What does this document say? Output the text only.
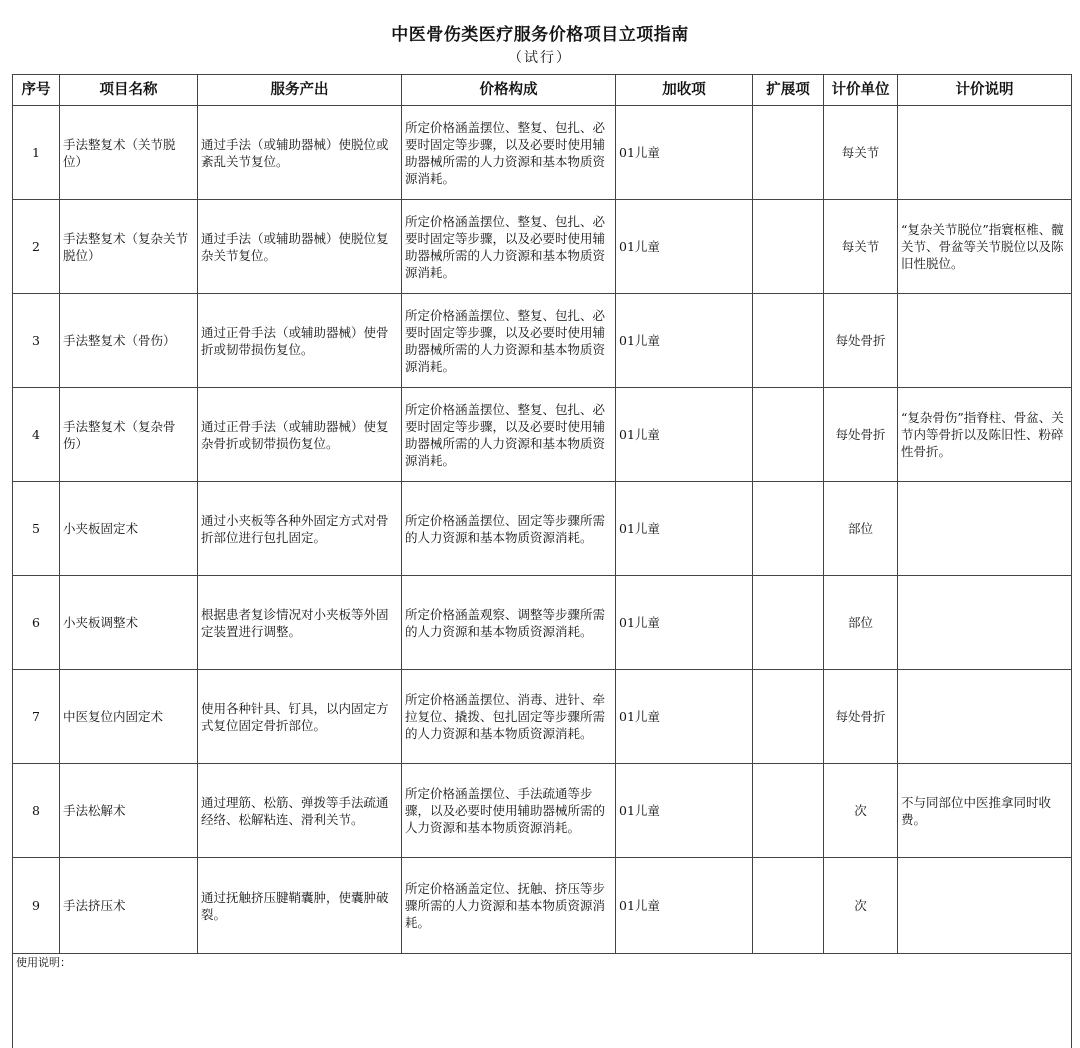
中医骨伤类医疗服务价格项目立项指南
（试行）
序号	项目名称	服务产出	价格构成	加收项	扩展项	计价单位	计价说明
1	手法整复术（关节脱位）	通过手法（或辅助器械）使脱位或紊乱关节复位。	所定价格涵盖摆位、整复、包扎、必要时固定等步骤，以及必要时使用辅助器械所需的人力资源和基本物质资源消耗。	01儿童		每关节	
2	手法整复术（复杂关节脱位）	通过手法（或辅助器械）使脱位复杂关节复位。	所定价格涵盖摆位、整复、包扎、必要时固定等步骤，以及必要时使用辅助器械所需的人力资源和基本物质资源消耗。	01儿童		每关节	“复杂关节脱位”指寰枢椎、髋关节、骨盆等关节脱位以及陈旧性脱位。
3	手法整复术（骨伤）	通过正骨手法（或辅助器械）使骨折或韧带损伤复位。	所定价格涵盖摆位、整复、包扎、必要时固定等步骤，以及必要时使用辅助器械所需的人力资源和基本物质资源消耗。	01儿童		每处骨折	
4	手法整复术（复杂骨伤）	通过正骨手法（或辅助器械）使复杂骨折或韧带损伤复位。	所定价格涵盖摆位、整复、包扎、必要时固定等步骤，以及必要时使用辅助器械所需的人力资源和基本物质资源消耗。	01儿童		每处骨折	“复杂骨伤”指脊柱、骨盆、关节内等骨折以及陈旧性、粉碎性骨折。
5	小夹板固定术	通过小夹板等各种外固定方式对骨折部位进行包扎固定。	所定价格涵盖摆位、固定等步骤所需的人力资源和基本物质资源消耗。	01儿童		部位	
6	小夹板调整术	根据患者复诊情况对小夹板等外固定装置进行调整。	所定价格涵盖观察、调整等步骤所需的人力资源和基本物质资源消耗。	01儿童		部位	
7	中医复位内固定术	使用各种针具、钉具，以内固定方式复位固定骨折部位。	所定价格涵盖摆位、消毒、进针、牵拉复位、撬拨、包扎固定等步骤所需的人力资源和基本物质资源消耗。	01儿童		每处骨折	
8	手法松解术	通过理筋、松筋、弹拨等手法疏通经络、松解粘连、滑利关节。	所定价格涵盖摆位、手法疏通等步骤，以及必要时使用辅助器械所需的人力资源和基本物质资源消耗。	01儿童		次	不与同部位中医推拿同时收费。
9	手法挤压术	通过抚触挤压腱鞘囊肿，使囊肿破裂。	所定价格涵盖定位、抚触、挤压等步骤所需的人力资源和基本物质资源消耗。	01儿童		次	
使用说明：							
